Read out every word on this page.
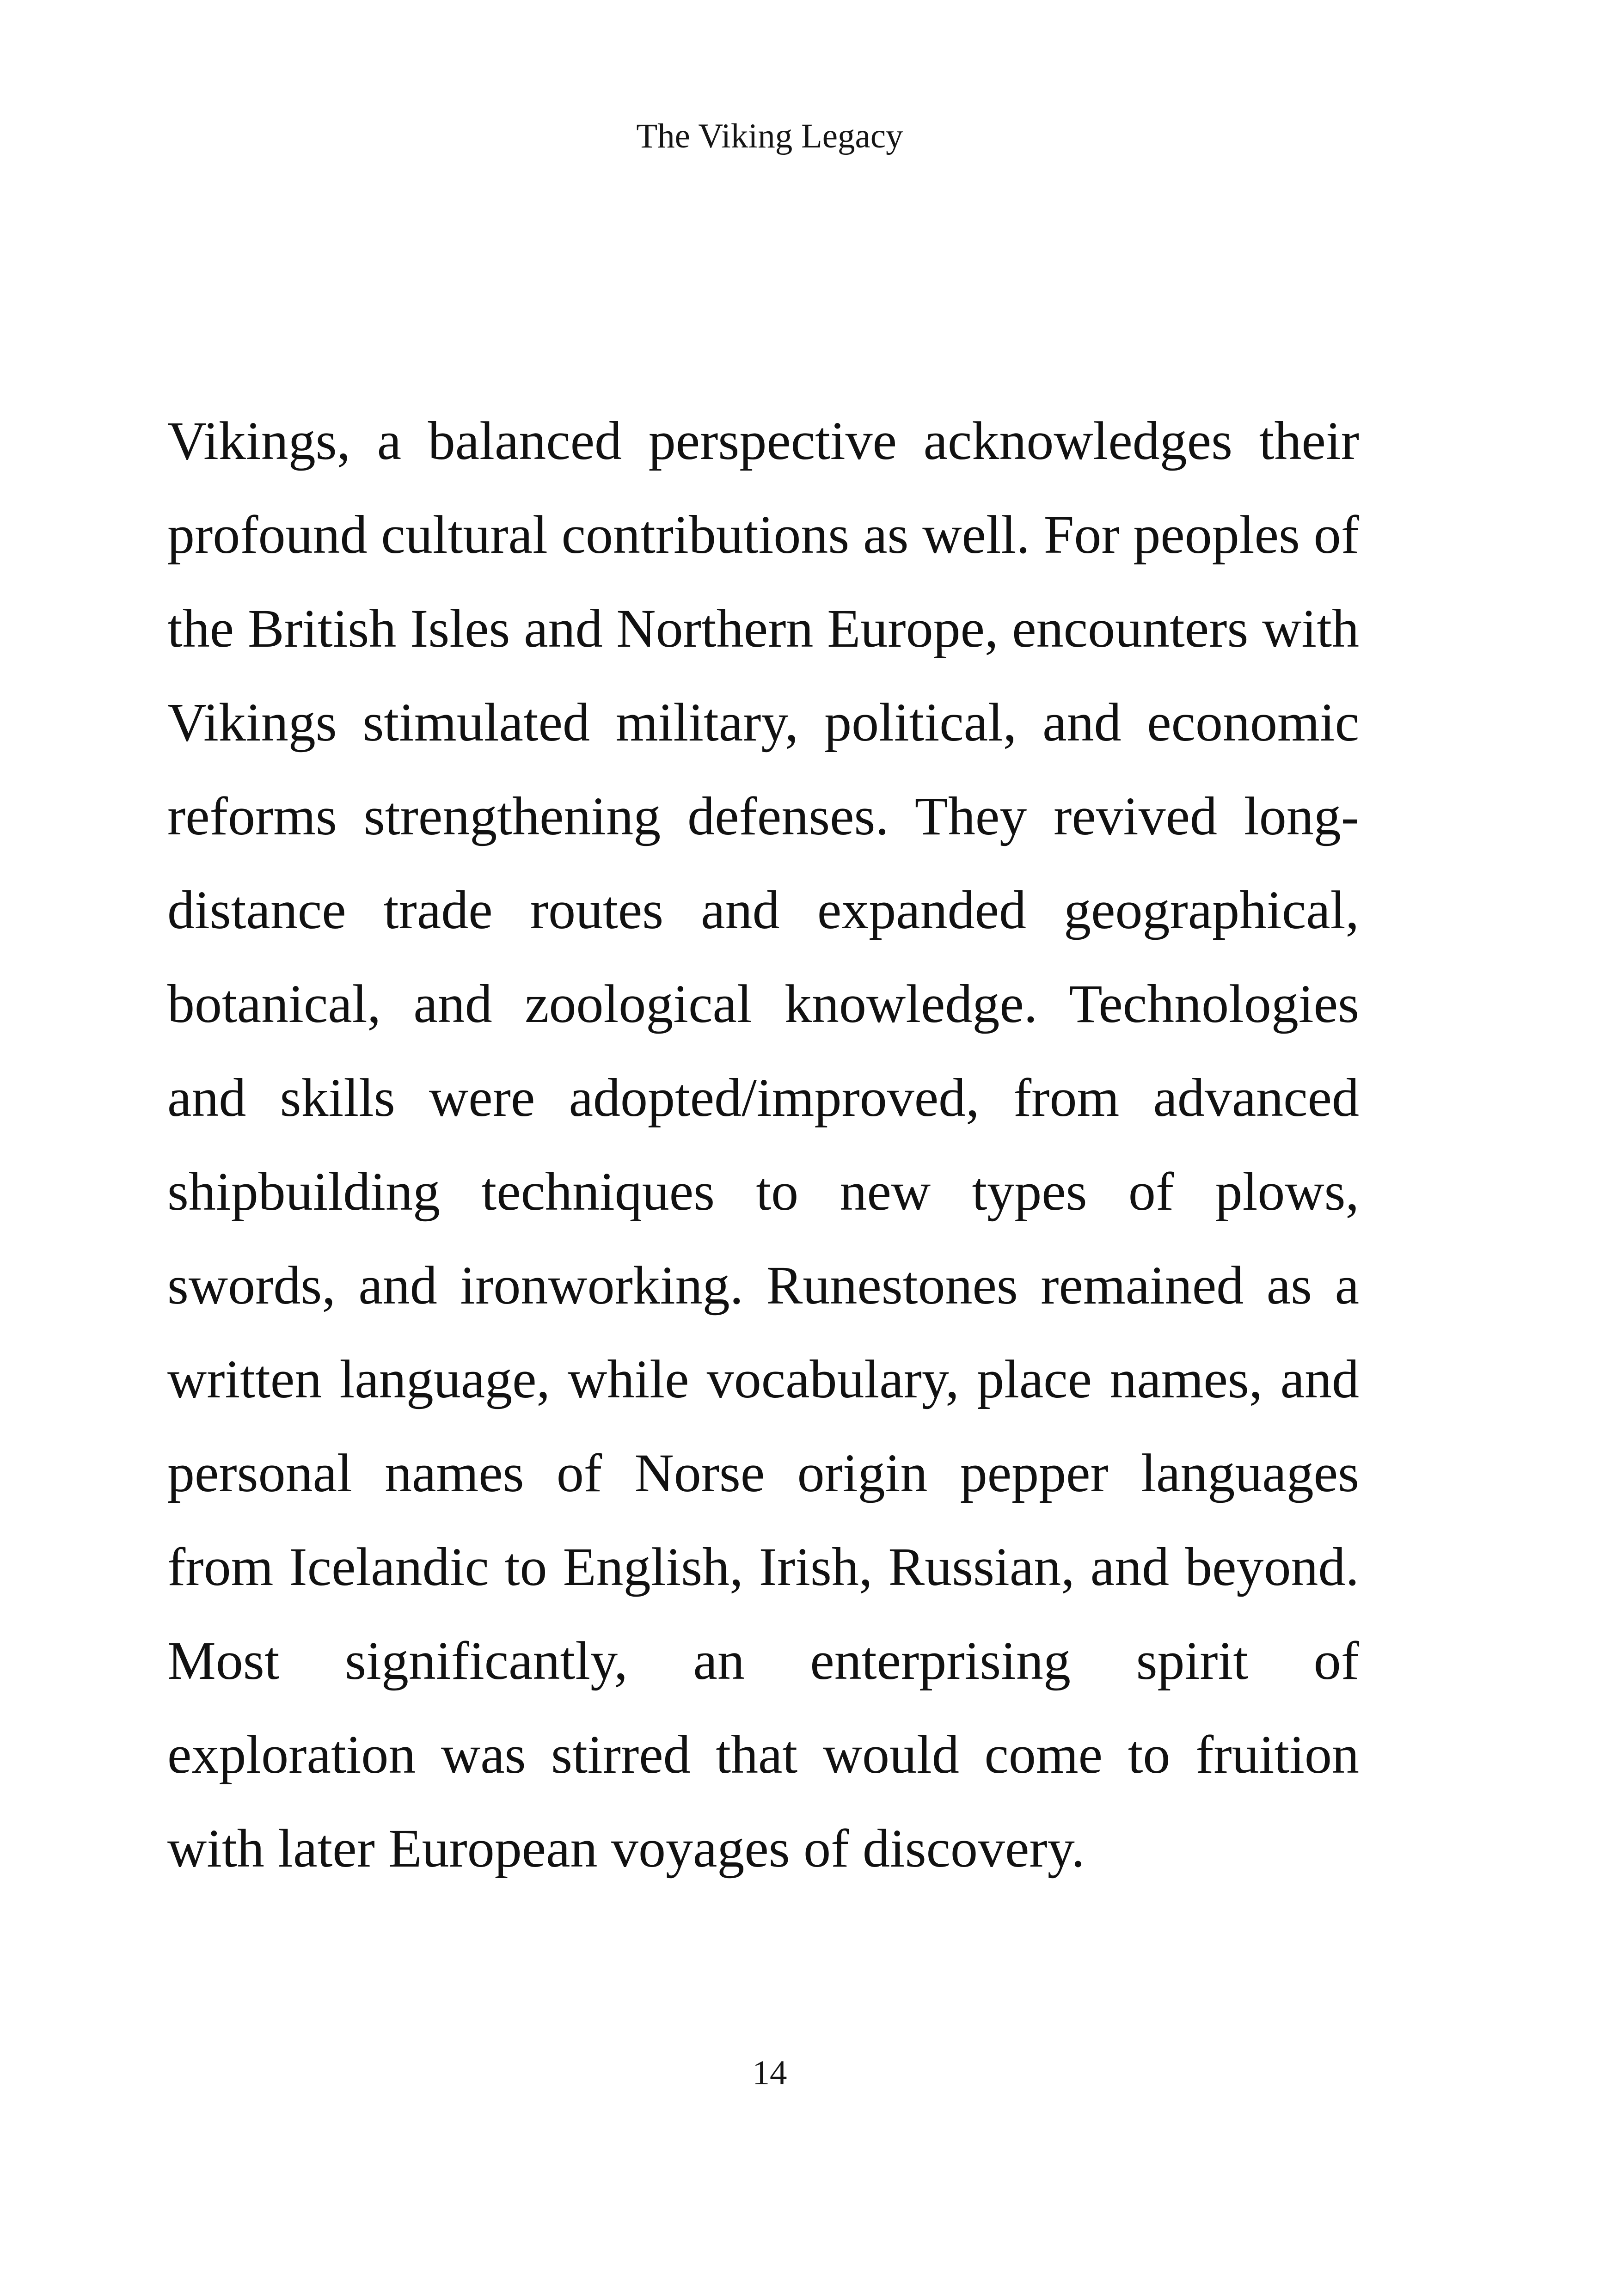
The Viking Legacy

Vikings, a balanced perspective acknowledges their profound cultural contributions as well. For peoples of the British Isles and Northern Europe, encounters with Vikings stimulated military, political, and economic reforms strengthening defenses. They revived long-distance trade routes and expanded geographical, botanical, and zoological knowledge. Technologies and skills were adopted/improved, from advanced shipbuilding techniques to new types of plows, swords, and ironworking. Runestones remained as a written language, while vocabulary, place names, and personal names of Norse origin pepper languages from Icelandic to English, Irish, Russian, and beyond. Most significantly, an enterprising spirit of exploration was stirred that would come to fruition with later European voyages of discovery.

14
